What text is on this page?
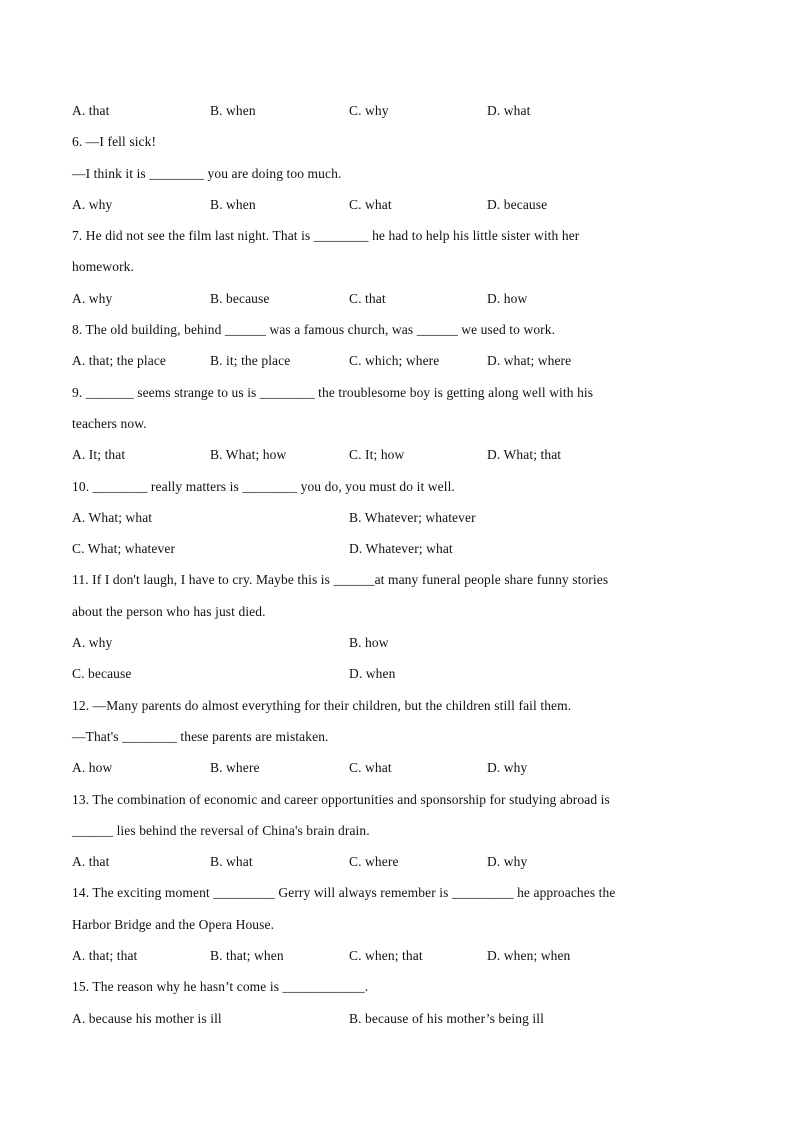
A. that	B. when	C. why	D. what
6. —I fell sick!
—I think it is ________ you are doing too much.
A. why	B. when	C. what	D. because
7. He did not see the film last night. That is ________ he had to help his little sister with her
homework.
A. why	B. because	C. that	D. how
8. The old building, behind ______ was a famous church, was ______ we used to work.
A. that; the place	B. it; the place	C. which; where	D. what; where
9. _______ seems strange to us is ________ the troublesome boy is getting along well with his
teachers now.
A. It; that	B. What; how	C. It; how	D. What; that
10. ________ really matters is ________ you do, you must do it well.
A. What; what	B. Whatever; whatever
C. What; whatever	D. Whatever; what
11. If I don't laugh, I have to cry. Maybe this is ______at many funeral people share funny stories
about the person who has just died.
A. why	B. how
C. because	D. when
12. —Many parents do almost everything for their children, but the children still fail them.
—That's ________ these parents are mistaken.
A. how	B. where	C. what	D. why
13. The combination of economic and career opportunities and sponsorship for studying abroad is
______ lies behind the reversal of China's brain drain.
A. that	B. what	C. where	D. why
14. The exciting moment _________ Gerry will always remember is _________ he approaches the
Harbor Bridge and the Opera House.
A. that; that	B. that; when	C. when; that	D. when; when
15. The reason why he hasn’t come is ____________.
A. because his mother is ill	B. because of his mother’s being ill
